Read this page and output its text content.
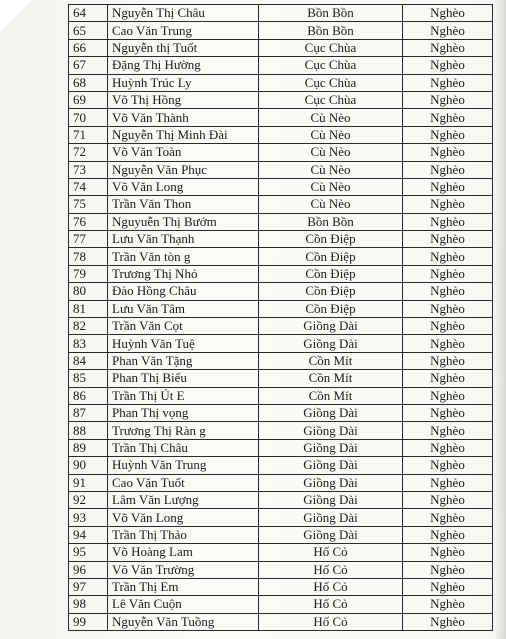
64	Nguyễn Thị Châu	Bồn Bồn	Nghèo
65	Cao Văn Trung	Bồn Bồn	Nghèo
66	Nguyễn thị Tuốt	Cục Chùa	Nghèo
67	Đặng Thị Hường	Cục Chùa	Nghèo
68	Huỳnh Trúc Ly	Cục Chùa	Nghèo
69	Võ Thị Hồng	Cục Chùa	Nghèo
70	Võ Văn Thành	Cù Nèo	Nghèo
71	Nguyễn Thị Minh Đài	Cù Nèo	Nghèo
72	Võ Văn Toàn	Cù Nèo	Nghèo
73	Nguyễn Văn Phục	Cù Nèo	Nghèo
74	Võ Văn Long	Cù Nèo	Nghèo
75	Trần Văn Thon	Cù Nèo	Nghèo
76	Nguyuễn Thị Bướm	Bồn Bồn	Nghèo
77	Lưu Văn Thạnh	Cồn Điệp	Nghèo
78	Trần Văn tòn g	Cồn Điệp	Nghèo
79	Trương Thị Nhỏ	Cồn Điệp	Nghèo
80	Đào Hồng Châu	Cồn Điệp	Nghèo
81	Lưu Văn Tâm	Cồn Điệp	Nghèo
82	Trần Văn Cọt	Giồng Dài	Nghèo
83	Huỳnh Văn Tuệ	Giồng Dài	Nghèo
84	Phan Văn Tặng	Cồn Mít	Nghèo
85	Phan Thị Biểu	Cồn Mít	Nghèo
86	Trần Thị Út E	Cồn Mít	Nghèo
87	Phan Thị vọng	Giồng Dài	Nghèo
88	Trương Thị Ràn g	Giồng Dài	Nghèo
89	Trần Thị Châu	Giồng Dài	Nghèo
90	Huỳnh Văn Trung	Giồng Dài	Nghèo
91	Cao Văn Tuốt	Giồng Dài	Nghèo
92	Lâm Văn Lượng	Giồng Dài	Nghèo
93	Võ Văn Long	Giồng Dài	Nghèo
94	Trần Thị Thảo	Giồng Dài	Nghèo
95	Võ Hoàng Lam	Hố Cỏ	Nghèo
96	Võ Văn Trường	Hố Cỏ	Nghèo
97	Trần Thị Em	Hố Cỏ	Nghèo
98	Lê Văn Cuộn	Hố Cỏ	Nghèo
99	Nguyễn Văn Tuồng	Hố Cỏ	Nghèo
